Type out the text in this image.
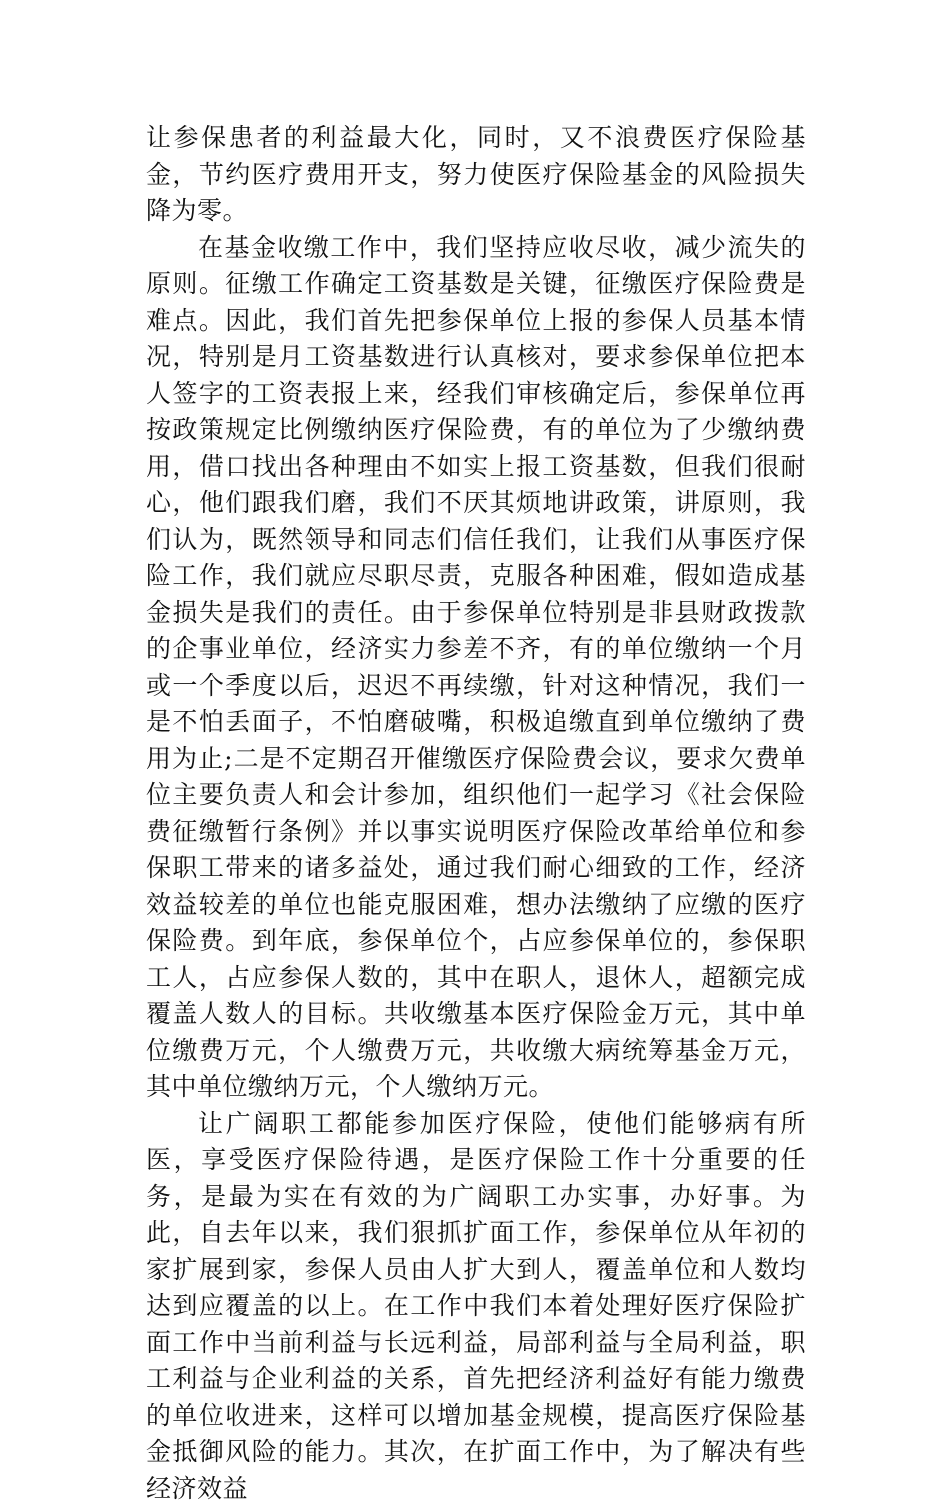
让参保患者的利益最大化，同时，又不浪费医疗保险基金，节约医疗费用开支，努力使医疗保险基金的风险损失降为零。

在基金收缴工作中，我们坚持应收尽收，减少流失的原则。征缴工作确定工资基数是关键，征缴医疗保险费是难点。因此，我们首先把参保单位上报的参保人员基本情况，特别是月工资基数进行认真核对，要求参保单位把本人签字的工资表报上来，经我们审核确定后，参保单位再按政策规定比例缴纳医疗保险费，有的单位为了少缴纳费用，借口找出各种理由不如实上报工资基数，但我们很耐心，他们跟我们磨，我们不厌其烦地讲政策，讲原则，我们认为，既然领导和同志们信任我们，让我们从事医疗保险工作，我们就应尽职尽责，克服各种困难，假如造成基金损失是我们的责任。由于参保单位特别是非县财政拨款的企事业单位，经济实力参差不齐，有的单位缴纳一个月或一个季度以后，迟迟不再续缴，针对这种情况，我们一是不怕丢面子，不怕磨破嘴，积极追缴直到单位缴纳了费用为止;二是不定期召开催缴医疗保险费会议，要求欠费单位主要负责人和会计参加，组织他们一起学习《社会保险费征缴暂行条例》并以事实说明医疗保险改革给单位和参保职工带来的诸多益处，通过我们耐心细致的工作，经济效益较差的单位也能克服困难，想办法缴纳了应缴的医疗保险费。到年底，参保单位个，占应参保单位的，参保职工人，占应参保人数的，其中在职人，退休人，超额完成覆盖人数人的目标。共收缴基本医疗保险金万元，其中单位缴费万元，个人缴费万元，共收缴大病统筹基金万元，其中单位缴纳万元，个人缴纳万元。

让广阔职工都能参加医疗保险，使他们能够病有所医，享受医疗保险待遇，是医疗保险工作十分重要的任务，是最为实在有效的为广阔职工办实事，办好事。为此，自去年以来，我们狠抓扩面工作，参保单位从年初的家扩展到家，参保人员由人扩大到人，覆盖单位和人数均达到应覆盖的以上。在工作中我们本着处理好医疗保险扩面工作中当前利益与长远利益，局部利益与全局利益，职工利益与企业利益的关系，首先把经济利益好有能力缴费的单位收进来，这样可以增加基金规模，提高医疗保险基金抵御风险的能力。其次，在扩面工作中，为了解决有些经济效益
